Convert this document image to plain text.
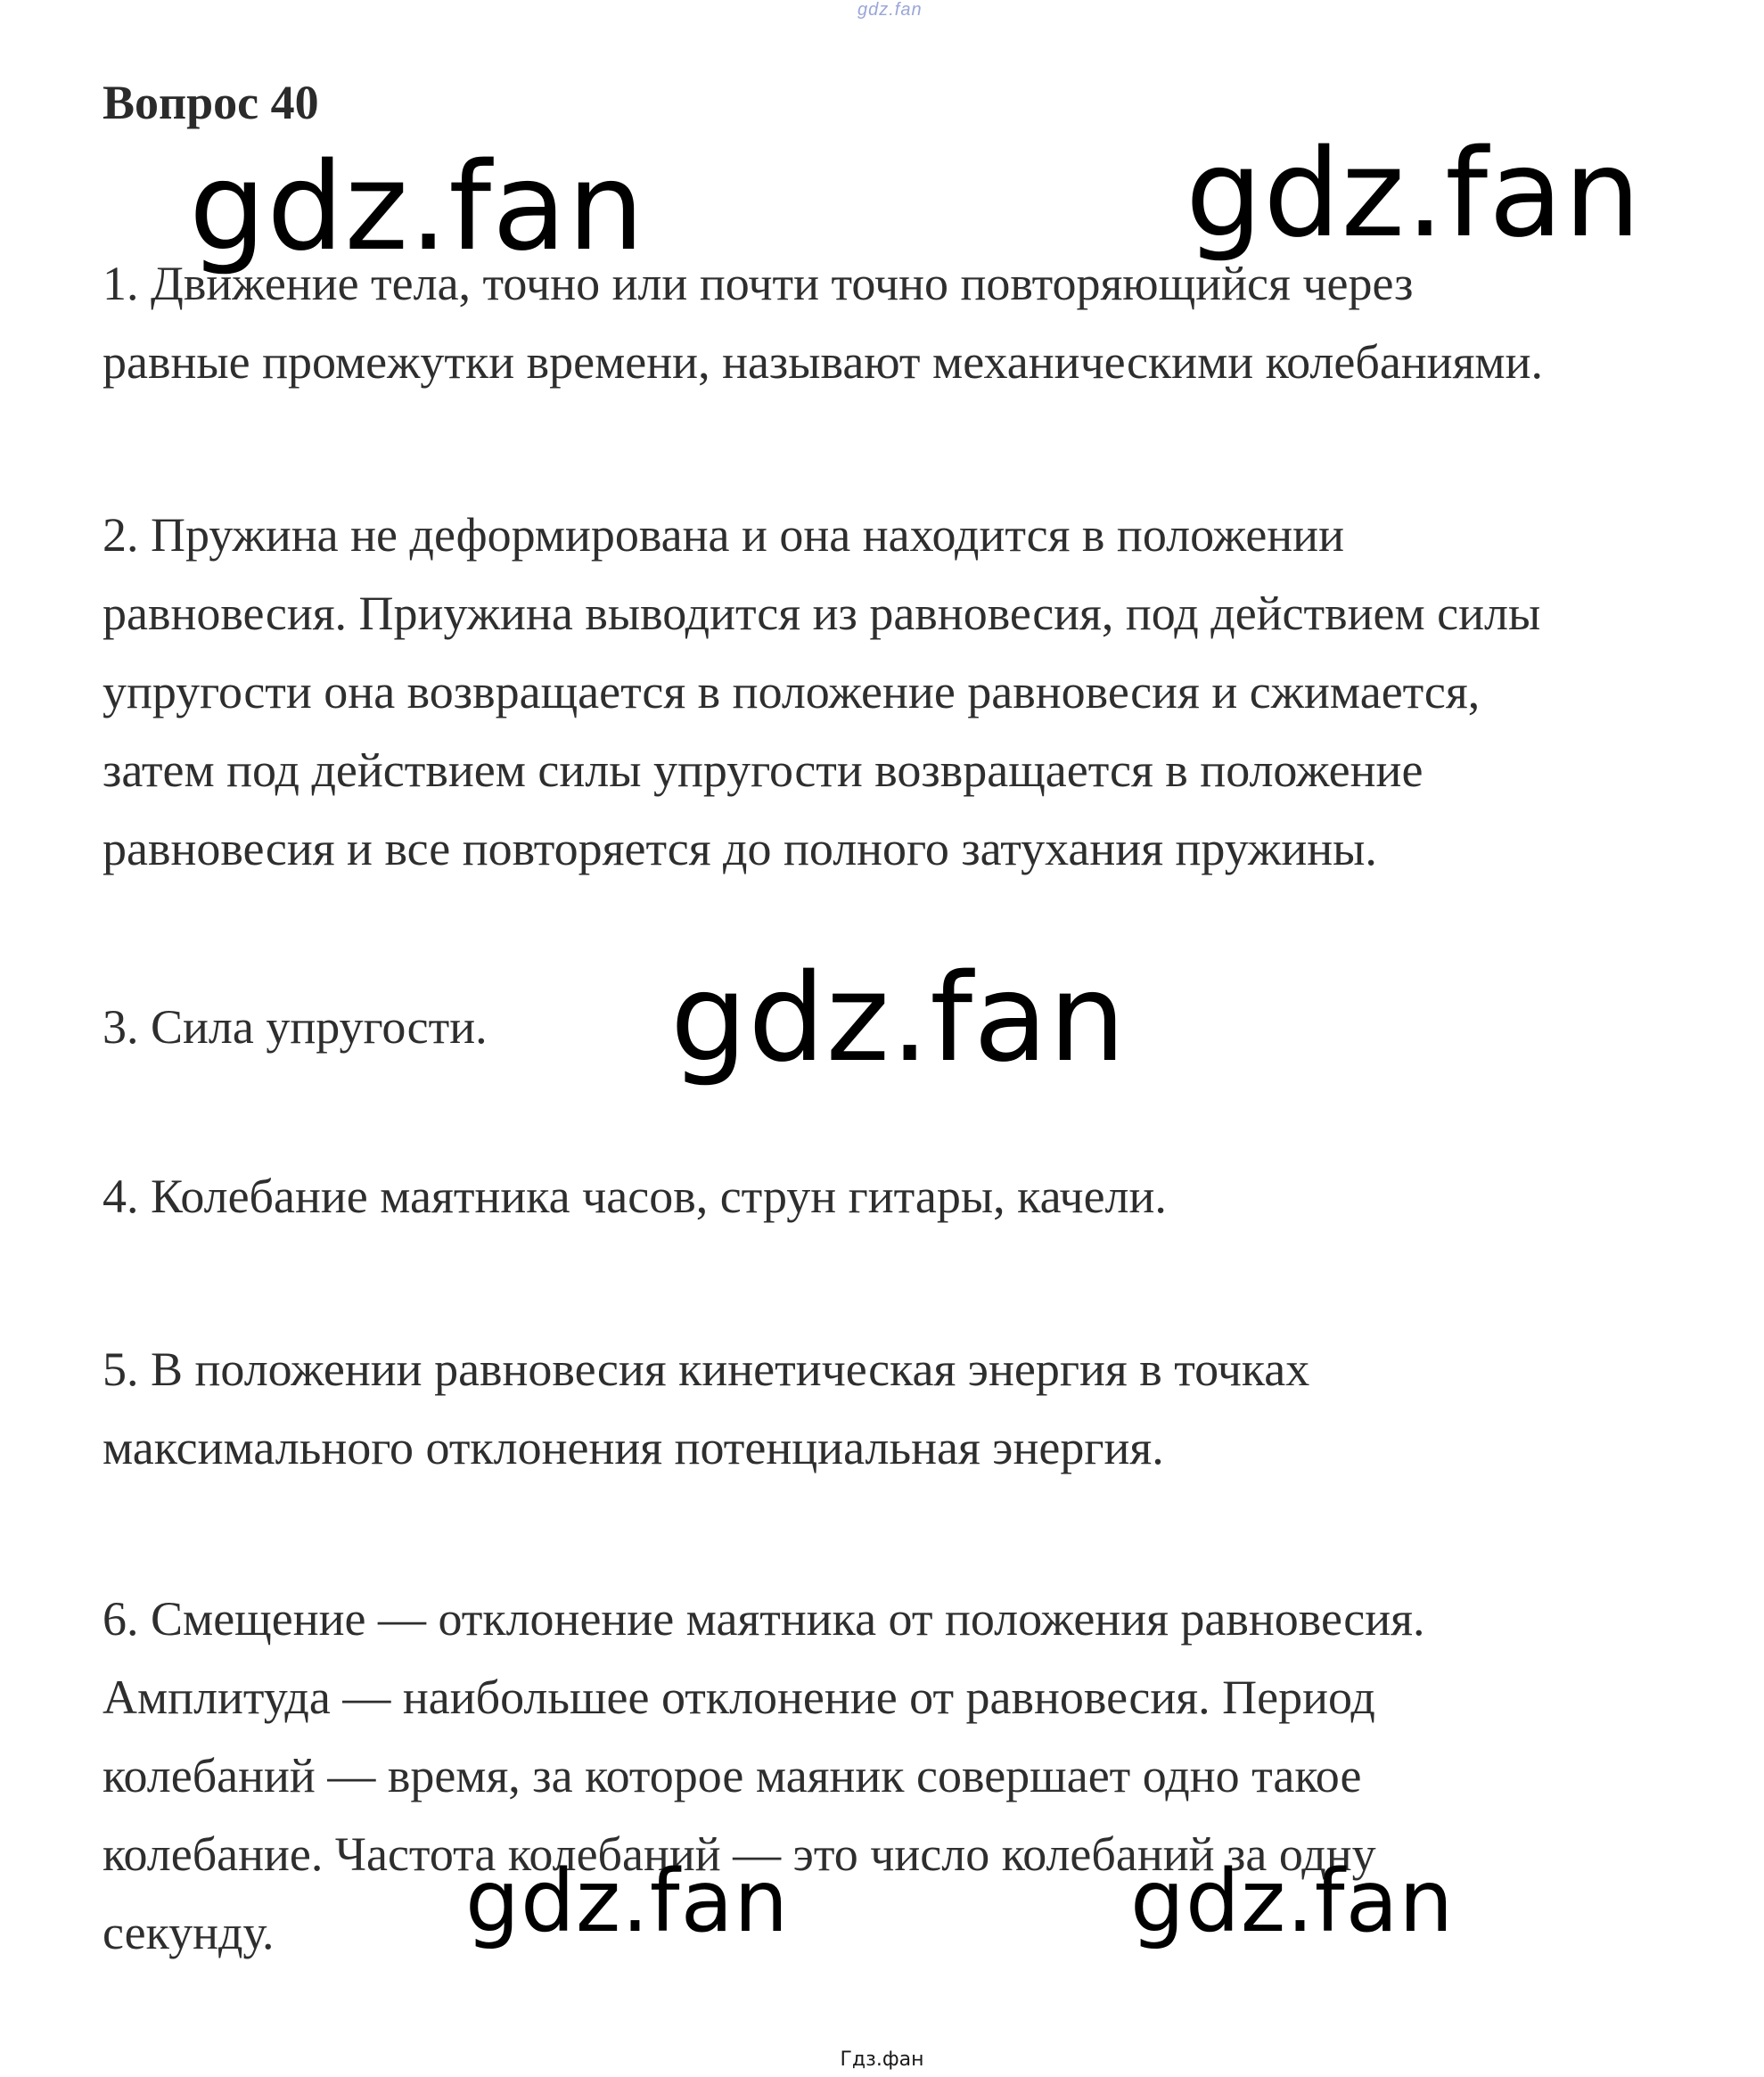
gdz.fan
Вопрос 40
1. Движение тела, точно или почти точно повторяющийся через
равные промежутки времени, называют механическими колебаниями.
2. Пружина не деформирована и она находится в положении
равновесия. Приужина выводится из равновесия, под действием силы
упругости она возвращается в положение равновесия и сжимается,
затем под действием силы упругости возвращается в положение
равновесия и все повторяется до полного затухания пружины.
3. Сила упругости.
4. Колебание маятника часов, струн гитары, качели.
5. В положении равновесия кинетическая энергия в точках
максимального отклонения потенциальная энергия.
6. Смещение — отклонение маятника от положения равновесия.
Амплитуда — наибольшее отклонение от равновесия. Период
колебаний — время, за которое маяник совершает одно такое
колебание. Частота колебаний — это число колебаний за одну
секунду.
gdz.fan	gdz.fan
gdz.fan
gdz.fan	gdz.fan
Гдз.фан
